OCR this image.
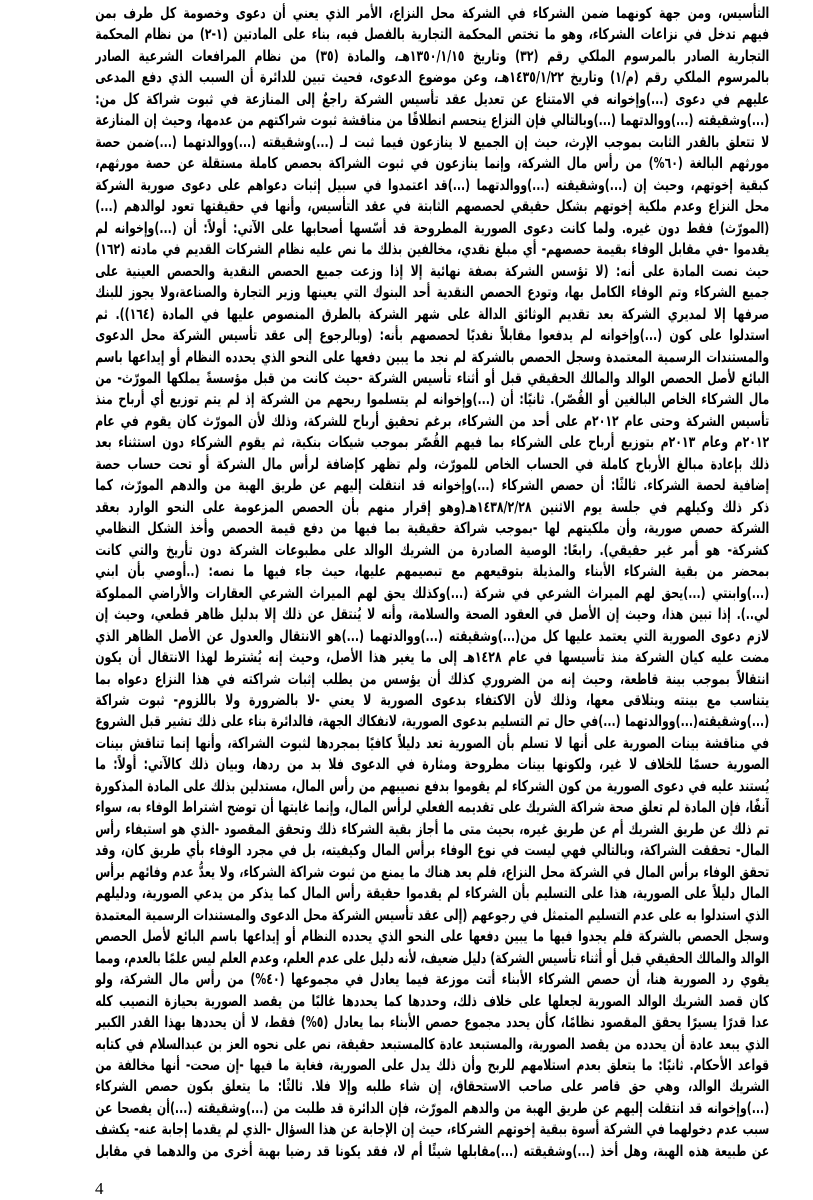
التأسيس، ومن جهة كونهما ضمن الشركاء في الشركة محل النزاع، الأمر الذي يعني أن دعوى وخصومة كل طرف بمن
فيهم تدخل في نزاعات الشركاء، وهو ما تختص المحكمة التجارية بالفصل فيه، بناء على المادتين (١-٢) من نظام المحكمة
التجارية الصادر بالمرسوم الملكي رقم (٣٢) وتاريخ ١٣٥٠/١/١٥هـ، والمادة (٣٥) من نظام المرافعات الشرعية الصادر
بالمرسوم الملكي رقم (م/١) وتاريخ ١٤٣٥/١/٢٢هـ، وعن موضوع الدعوى، فحيث تبين للدائرة أن السبب الذي دفع المدعى
عليهم في دعوى (...)وإخوانه في الامتناع عن تعديل عقد تأسيس الشركة راجعٌ إلى المنازعة في ثبوت شراكة كل من:
(...)وشقيقته (...)ووالدتهما (...)وبالتالي فإن النزاع ينحسم انطلاقًا من مناقشة ثبوت شراكتهم من عدمها، وحيث إن المنازعة
لا تتعلق بالقدر الثابت بموجب الإرث، حيث إن الجميع لا ينازعون فيما ثبت لـ (...)وشقيقته (...)ووالدتهما (...)ضمن حصة
مورثهم البالغة (٦٠%) من رأس مال الشركة، وإنما ينازعون في ثبوت الشراكة بحصص كاملة مستقلة عن حصة مورثهم،
كبقية إخوتهم، وحيث إن (...)وشقيقته (...)ووالدتهما (...)قد اعتمدوا في سبيل إثبات دعواهم على دعوى صورية الشركة
محل النزاع وعدم ملكية إخوتهم بشكل حقيقي لحصصهم الثابتة في عقد التأسيس، وأنها في حقيقتها تعود لوالدهم (...)
(المورّث) فقط دون غيره. ولما كانت دعوى الصورية المطروحة قد أسّسها أصحابها على الآتي: أولاً: أن (...)وإخوانه لم
يقدموا -في مقابل الوفاء بقيمة حصصهم- أي مبلغ نقدي، مخالفين بذلك ما نص عليه نظام الشركات القديم في مادته (١٦٢)
حيث نصت المادة على أنه: (لا تؤسس الشركة بصفة نهائية إلا إذا وزعت جميع الحصص النقدية والحصص العينية على
جميع الشركاء وتم الوفاء الكامل بها، وتودع الحصص النقدية أحد البنوك التي يعينها وزير التجارة والصناعة،ولا يجوز للبنك
صرفها إلا لمديري الشركة بعد تقديم الوثائق الدالة على شهر الشركة بالطرق المنصوص عليها في المادة (١٦٤)). ثم
استدلوا على كون (...)وإخوانه لم يدفعوا مقابلاً نقديًا لحصصهم بأنه: (وبالرجوع إلى عقد تأسيس الشركة محل الدعوى
والمستندات الرسمية المعتمدة وسجل الحصص بالشركة لم نجد ما يبين دفعها على النحو الذي يحدده النظام أو إيداعها باسم
البائع لأصل الحصص الوالد والمالك الحقيقي قبل أو أثناء تأسيس الشركة -حيث كانت من قبل مؤسسةً يملكها المورّث- من
مال الشركاء الخاص البالغين أو القُصّر). ثانيًا: أن (...)وإخوانه لم يتسلموا ربحهم من الشركة إذ لم يتم توزيع أي أرباح منذ
تأسيس الشركة وحتى عام ٢٠١٢م على أحد من الشركاء، برغم تحقيق أرباح للشركة، وذلك لأن المورّث كان يقوم في عام
٢٠١٢م وعام ٢٠١٣م بتوزيع أرباح على الشركاء بما فيهم القُصّر بموجب شيكات بنكية، ثم يقوم الشركاء دون استثناء بعد
ذلك بإعادة مبالغ الأرباح كاملة في الحساب الخاص للمورّث، ولم تظهر كإضافة لرأس مال الشركة أو تحت حساب حصة
إضافية لحصة الشركاء. ثالثًا: أن حصص الشركاء (...)وإخوانه قد انتقلت إليهم عن طريق الهبة من والدهم المورّث، كما
ذكر ذلك وكيلهم في جلسة يوم الاثنين ١٤٣٨/٢/٢٨هـ(وهو إقرار منهم بأن الحصص المزعومة على النحو الوارد بعقد
الشركة حصص صورية، وأن ملكيتهم لها -بموجب شراكة حقيقية بما فيها من دفع قيمة الحصص وأخذ الشكل النظامي
كشركة- هو أمر غير حقيقي). رابعًا: الوصية الصادرة من الشريك الوالد على مطبوعات الشركة دون تأريخ والتي كانت
بمحضر من بقية الشركاء الأبناء والمذيلة بتوقيعهم مع تبصيمهم عليها، حيث جاء فيها ما نصه: (..أوصي بأن ابني
(...)وابنتي (...)يحق لهم الميراث الشرعي في شركة (...)وكذلك يحق لهم الميراث الشرعي العقارات والأراضي المملوكة
لي..). إذا تبين هذا، وحيث إن الأصل في العقود الصحة والسلامة، وأنه لا يُنتقل عن ذلك إلا بدليل ظاهر قطعي، وحيث إن
لازم دعوى الصورية التي يعتمد عليها كل من(...)وشقيقته (...)ووالدتهما (...)هو الانتقال والعدول عن الأصل الظاهر الذي
مضت عليه كيان الشركة منذ تأسيسها في عام ١٤٢٨هـ إلى ما يغير هذا الأصل، وحيث إنه يُشترط لهذا الانتقال أن يكون
انتقالاً بموجب بينة قاطعة، وحيث إنه من الضروري كذلك أن يؤسس من يطلب إثبات شراكته في هذا النزاع دعواه بما
يتناسب مع بينته ويتلاقى معها، وذلك لأن الاكتفاء بدعوى الصورية لا يعني -لا بالضرورة ولا باللزوم- ثبوت شراكة
(...)وشقيقته(...)ووالدتهما (...)في حال تم التسليم بدعوى الصورية، لانفكاك الجهة، فالدائرة بناء على ذلك تشير قبل الشروع
في مناقشة بينات الصورية على أنها لا تسلم بأن الصورية تعد دليلاً كافيًا بمجردها لثبوت الشراكة، وأنها إنما تناقش بينات
الصورية حسمًا للخلاف لا غير، ولكونها بينات مطروحة ومثارة في الدعوى فلا بد من ردها، وبيان ذلك كالآتي: أولاً: ما
يُستند عليه في دعوى الصورية من كون الشركاء لم يقوموا بدفع نصيبهم من رأس المال، مستدلين بذلك على المادة المذكورة
آنفًا، فإن المادة لم تعلق صحة شراكة الشريك على تقديمه الفعلي لرأس المال، وإنما غايتها أن توضح اشتراط الوفاء به، سواء
تم ذلك عن طريق الشريك أم عن طريق غيره، بحيث متى ما أجاز بقية الشركاء ذلك وتحقق المقصود -الذي هو استيفاء رأس
المال- تحققت الشراكة، وبالتالي فهي ليست في نوع الوفاء برأس المال وكيفيته، بل في مجرد الوفاء بأي طريق كان، وقد
تحقق الوفاء برأس المال في الشركة محل النزاع، فلم يعد هناك ما يمنع من ثبوت شراكة الشركاء، ولا يعدُّ عدم وفائهم برأس
المال دليلاً على الصورية، هذا على التسليم بأن الشركاء لم يقدموا حقيقة رأس المال كما يذكر من يدعي الصورية، ودليلهم
الذي استدلوا به على عدم التسليم المتمثل في رجوعهم (إلى عقد تأسيس الشركة محل الدعوى والمستندات الرسمية المعتمدة
وسجل الحصص بالشركة فلم يجدوا فيها ما يبين دفعها على النحو الذي يحدده النظام أو إيداعها باسم البائع لأصل الحصص
الوالد والمالك الحقيقي قبل أو أثناء تأسيس الشركة) دليل ضعيف، لأنه دليل على عدم العلم، وعدم العلم ليس علمًا بالعدم، ومما
يقوي رد الصورية هنا، أن حصص الشركاء الأبناء أتت موزعة فيما يعادل في مجموعها (٤٠%) من رأس مال الشركة، ولو
كان قصد الشريك الوالد الصورية لجعلها على خلاف ذلك، وحددها كما يحددها غالبًا من يقصد الصورية بحيازة النصيب كله
عدا قدرًا يسيرًا يحقق المقصود نظامًا، كأن يحدد مجموع حصص الأبناء بما يعادل (٥%) فقط، لا أن يحددها بهذا القدر الكبير
الذي يبعد عادة أن يحدده من يقصد الصورية، والمستبعد عادة كالمستبعد حقيقة، نص على نحوه العز بن عبدالسلام في كتابه
قواعد الأحكام. ثانيًا: ما يتعلق بعدم استلامهم للربح وأن ذلك يدل على الصورية، فغاية ما فيها -إن صحت- أنها مخالفة من
الشريك الوالد، وهي حق قاصر على صاحب الاستحقاق، إن شاء طلبه وإلا فلا. ثالثًا: ما يتعلق بكون حصص الشركاء
(...)وإخوانه قد انتقلت إليهم عن طريق الهبة من والدهم المورّث، فإن الدائرة قد طلبت من (...)وشقيقته (...)أن يفصحا عن
سبب عدم دخولهما في الشركة أسوة ببقية إخوتهم الشركاء، حيث إن الإجابة عن هذا السؤال -الذي لم يقدما إجابة عنه- يكشف
عن طبيعة هذه الهبة، وهل أخذ (...)وشقيقته (...)مقابلها شيئًا أم لا، فقد يكونا قد رضيا بهبة أخرى من والدهما في مقابل
4
